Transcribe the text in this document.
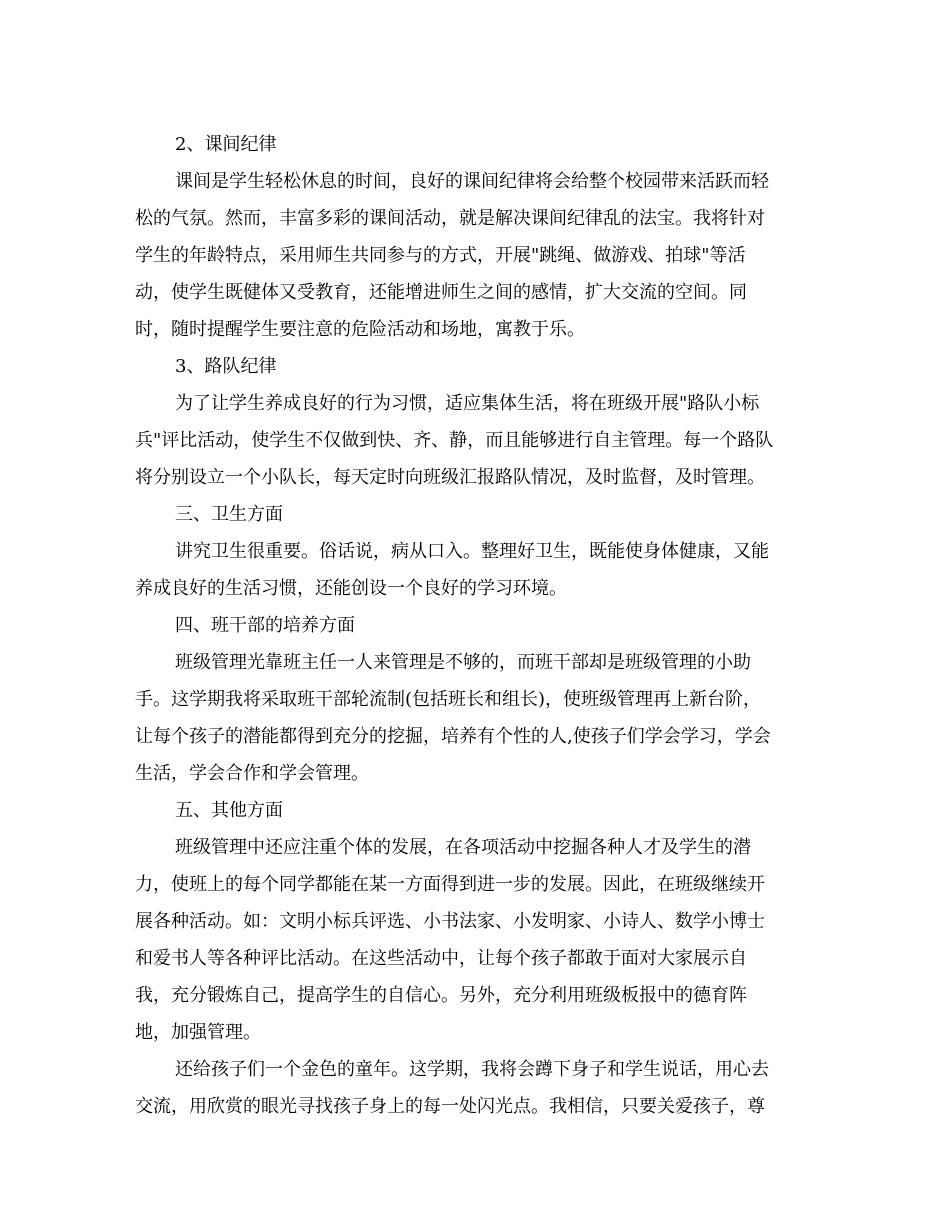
2、课间纪律
课间是学生轻松休息的时间，良好的课间纪律将会给整个校园带来活跃而轻
松的气氛。然而，丰富多彩的课间活动，就是解决课间纪律乱的法宝。我将针对
学生的年龄特点，采用师生共同参与的方式，开展"跳绳、做游戏、拍球"等活
动，使学生既健体又受教育，还能增进师生之间的感情，扩大交流的空间。同
时，随时提醒学生要注意的危险活动和场地，寓教于乐。
3、路队纪律
为了让学生养成良好的行为习惯，适应集体生活，将在班级开展"路队小标
兵"评比活动，使学生不仅做到快、齐、静，而且能够进行自主管理。每一个路队
将分别设立一个小队长，每天定时向班级汇报路队情况，及时监督，及时管理。
三、卫生方面
讲究卫生很重要。俗话说，病从口入。整理好卫生，既能使身体健康，又能
养成良好的生活习惯，还能创设一个良好的学习环境。
四、班干部的培养方面
班级管理光靠班主任一人来管理是不够的，而班干部却是班级管理的小助
手。这学期我将采取班干部轮流制(包括班长和组长)，使班级管理再上新台阶，
让每个孩子的潜能都得到充分的挖掘，培养有个性的人,使孩子们学会学习，学会
生活，学会合作和学会管理。
五、其他方面
班级管理中还应注重个体的发展，在各项活动中挖掘各种人才及学生的潜
力，使班上的每个同学都能在某一方面得到进一步的发展。因此，在班级继续开
展各种活动。如：文明小标兵评选、小书法家、小发明家、小诗人、数学小博士
和爱书人等各种评比活动。在这些活动中，让每个孩子都敢于面对大家展示自
我，充分锻炼自己，提高学生的自信心。另外，充分利用班级板报中的德育阵
地，加强管理。
还给孩子们一个金色的童年。这学期，我将会蹲下身子和学生说话，用心去
交流，用欣赏的眼光寻找孩子身上的每一处闪光点。我相信，只要关爱孩子，尊
